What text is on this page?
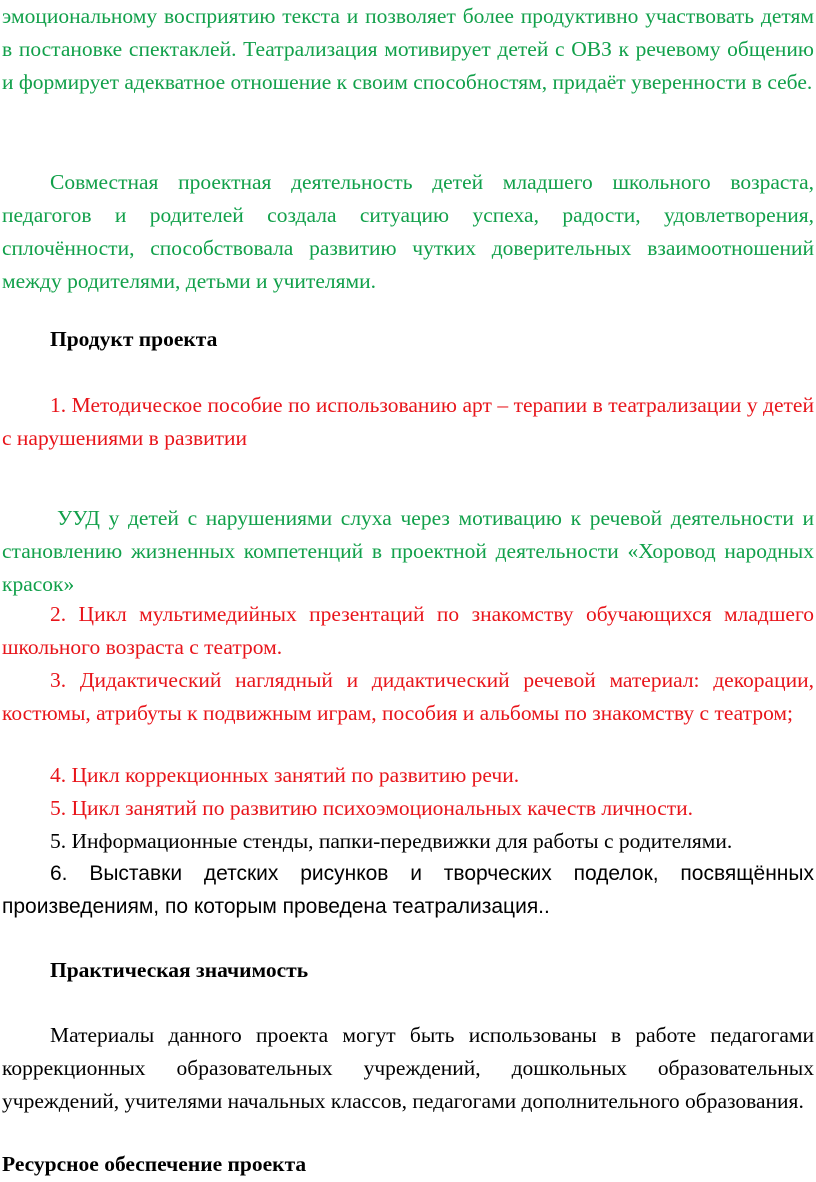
эмоциональному восприятию текста и позволяет более продуктивно участвовать детям в постановке спектаклей. Театрализация мотивирует детей с ОВЗ к речевому общению и формирует адекватное отношение к своим способностям, придаёт уверенности в себе.

Совместная проектная деятельность детей младшего школьного возраста, педагогов и родителей создала ситуацию успеха, радости, удовлетворения, сплочённости, способствовала развитию чутких доверительных взаимоотношений между родителями, детьми и учителями.

Продукт проекта

1. Методическое пособие по использованию арт – терапии в театрализации у детей с нарушениями в развитии

УУД у детей с нарушениями слуха через мотивацию к речевой деятельности и становлению жизненных компетенций в проектной деятельности «Хоровод народных красок»

2. Цикл мультимедийных презентаций по знакомству обучающихся младшего школьного возраста с театром.

3. Дидактический наглядный и дидактический речевой материал: декорации, костюмы, атрибуты к подвижным играм, пособия и альбомы по знакомству с театром;

4. Цикл коррекционных занятий по развитию речи.

5. Цикл занятий по развитию психоэмоциональных качеств личности.

5. Информационные стенды, папки-передвижки для работы с родителями.

6. Выставки детских рисунков и творческих поделок, посвящённых произведениям, по которым проведена театрализация..

Практическая значимость

Материалы данного проекта могут быть использованы в работе педагогами коррекционных образовательных учреждений, дошкольных образовательных учреждений, учителями начальных классов, педагогами дополнительного образования.

Ресурсное обеспечение проекта
